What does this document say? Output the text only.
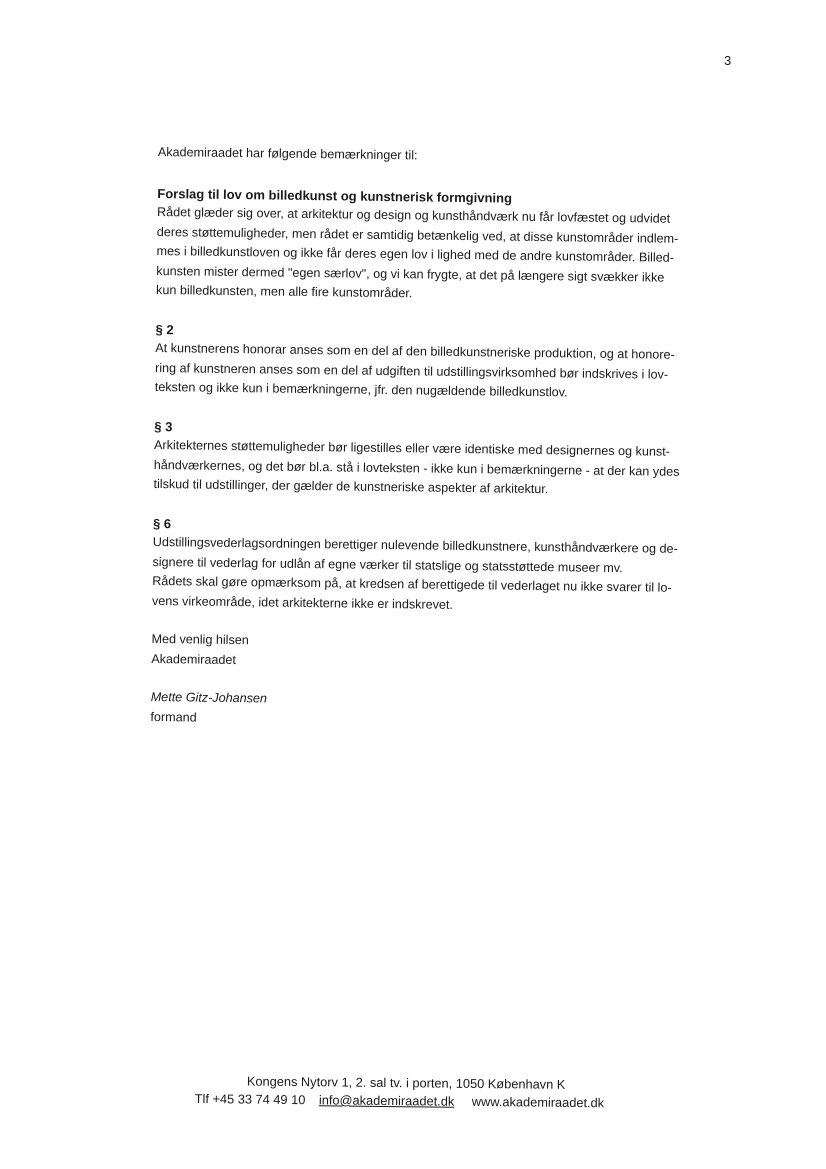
3

Akademiraadet har følgende bemærkninger til:

Forslag til lov om billedkunst og kunstnerisk formgivning

Rådet glæder sig over, at arkitektur og design og kunsthåndværk nu får lovfæstet og udvidet

deres støttemuligheder, men rådet er samtidig betænkelig ved, at disse kunstområder indlem-

mes i billedkunstloven og ikke får deres egen lov i lighed med de andre kunstområder. Billed-

kunsten mister dermed "egen særlov", og vi kan frygte, at det på længere sigt svækker ikke

kun billedkunsten, men alle fire kunstområder.

§ 2

At kunstnerens honorar anses som en del af den billedkunstneriske produktion, og at honore-

ring af kunstneren anses som en del af udgiften til udstillingsvirksomhed bør indskrives i lov-

teksten og ikke kun i bemærkningerne, jfr. den nugældende billedkunstlov.

§ 3

Arkitekternes støttemuligheder bør ligestilles eller være identiske med designernes og kunst-

håndværkernes, og det bør bl.a. stå i lovteksten - ikke kun i bemærkningerne - at der kan ydes

tilskud til udstillinger, der gælder de kunstneriske aspekter af arkitektur.

§ 6

Udstillingsvederlagsordningen berettiger nulevende billedkunstnere, kunsthåndværkere og de-

signere til vederlag for udlån af egne værker til statslige og statsstøttede museer mv.

Rådets skal gøre opmærksom på, at kredsen af berettigede til vederlaget nu ikke svarer til lo-

vens virkeområde, idet arkitekterne ikke er indskrevet.

Med venlig hilsen

Akademiraadet

Mette Gitz-Johansen

formand

Kongens Nytorv 1, 2. sal tv. i porten, 1050 København K
Tlf +45 33 74 49 10 info@akademiraadet.dk www.akademiraadet.dk
